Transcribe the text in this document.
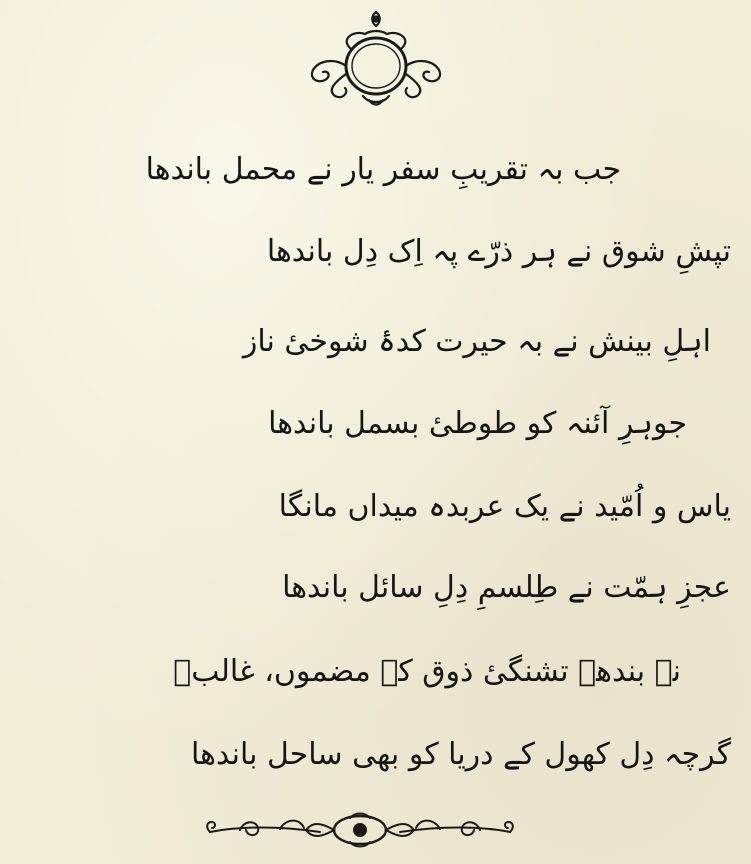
جب بہ تقریبِ سفر یار نے محمل باندھا
تپشِ شوق نے ہر ذرّے پہ اِک دِل باندھا
اہلِ بینش نے بہ حیرت کدۂ شوخیٔ ناز
جوہرِ آئنہ کو طوطیٔ بسمل باندھا
یاس و اُمّید نے یک عربدہ میداں مانگا
عجزِ ہمّت نے طِلسمِ دِلِ سائل باندھا
نہ بندھے تشنگیٔ ذوق کے مضموں، غالبؔ
گرچہ دِل کھول کے دریا کو بھی ساحل باندھا
